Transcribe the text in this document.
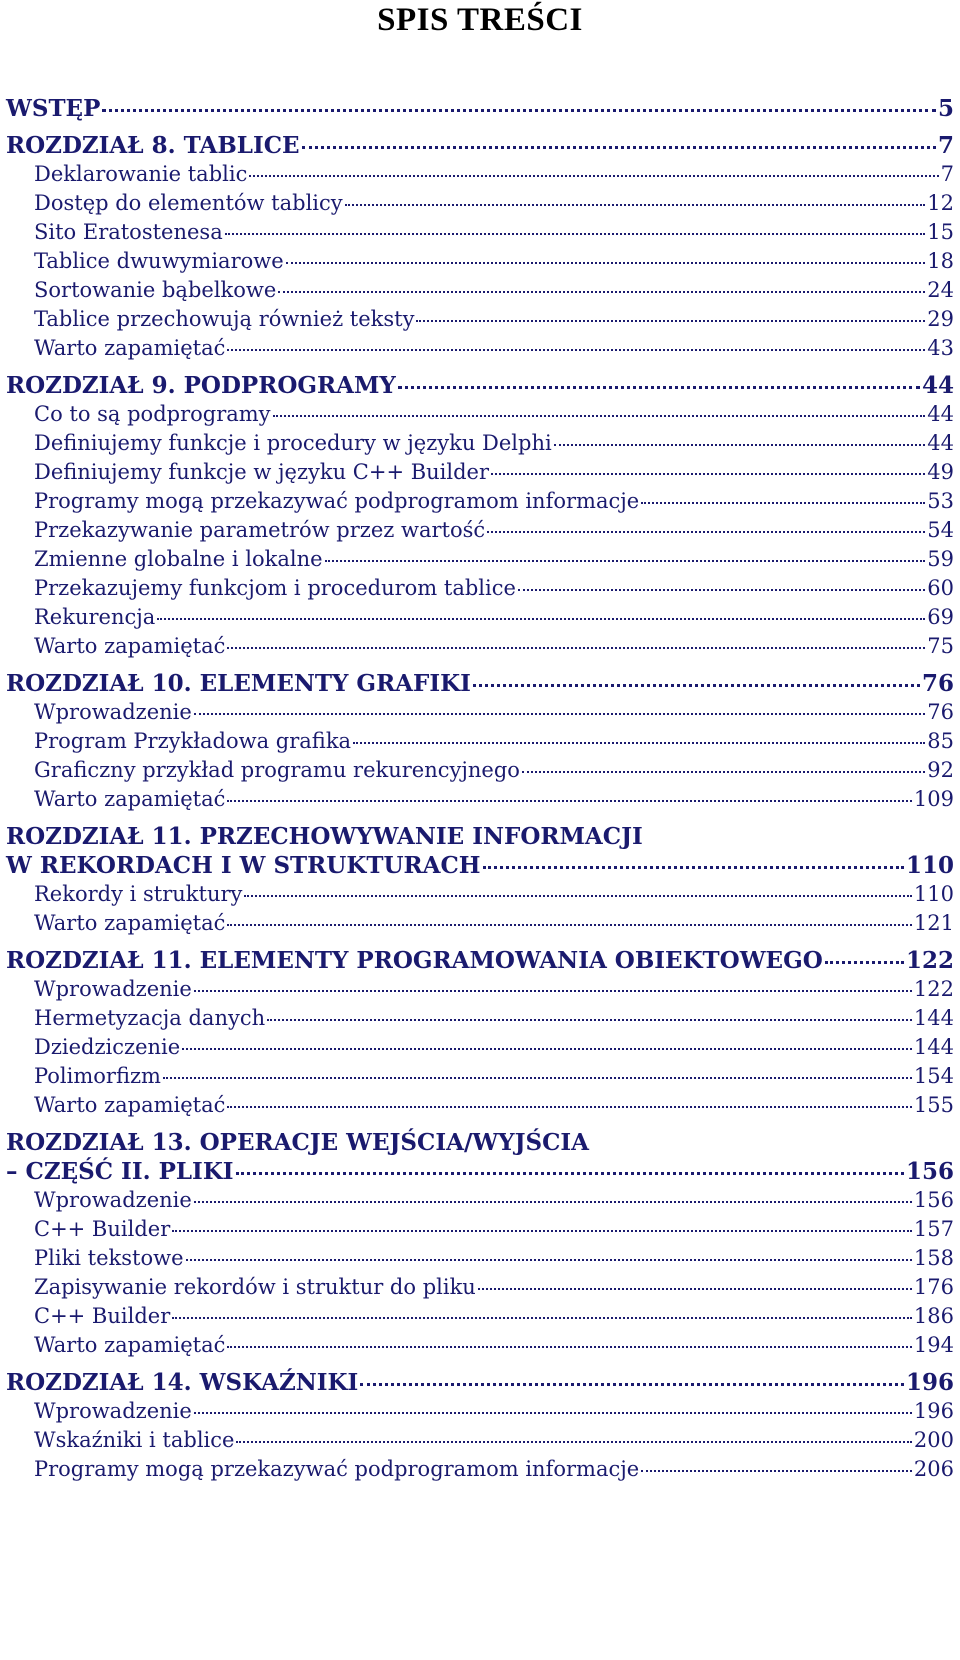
SPIS TREŚCI
WSTĘP	5
ROZDZIAŁ 8. TABLICE	7
Deklarowanie tablic	7
Dostęp do elementów tablicy	12
Sito Eratostenesa	15
Tablice dwuwymiarowe	18
Sortowanie bąbelkowe	24
Tablice przechowują również teksty	29
Warto zapamiętać	43
ROZDZIAŁ 9. PODPROGRAMY	44
Co to są podprogramy	44
Definiujemy funkcje i procedury w języku Delphi	44
Definiujemy funkcje w języku C++ Builder	49
Programy mogą przekazywać podprogramom informacje	53
Przekazywanie parametrów przez wartość	54
Zmienne globalne i lokalne	59
Przekazujemy funkcjom i procedurom tablice	60
Rekurencja	69
Warto zapamiętać	75
ROZDZIAŁ 10. ELEMENTY GRAFIKI	76
Wprowadzenie	76
Program Przykładowa grafika	85
Graficzny przykład programu rekurencyjnego	92
Warto zapamiętać	109
ROZDZIAŁ 11. PRZECHOWYWANIE INFORMACJI
W REKORDACH I W STRUKTURACH	110
Rekordy i struktury	110
Warto zapamiętać	121
ROZDZIAŁ 11. ELEMENTY PROGRAMOWANIA OBIEKTOWEGO	122
Wprowadzenie	122
Hermetyzacja danych	144
Dziedziczenie	144
Polimorfizm	154
Warto zapamiętać	155
ROZDZIAŁ 13. OPERACJE WEJŚCIA/WYJŚCIA
– CZĘŚĆ II. PLIKI	156
Wprowadzenie	156
C++ Builder	157
Pliki tekstowe	158
Zapisywanie rekordów i struktur do pliku	176
C++ Builder	186
Warto zapamiętać	194
ROZDZIAŁ 14. WSKAŹNIKI	196
Wprowadzenie	196
Wskaźniki i tablice	200
Programy mogą przekazywać podprogramom informacje	206
